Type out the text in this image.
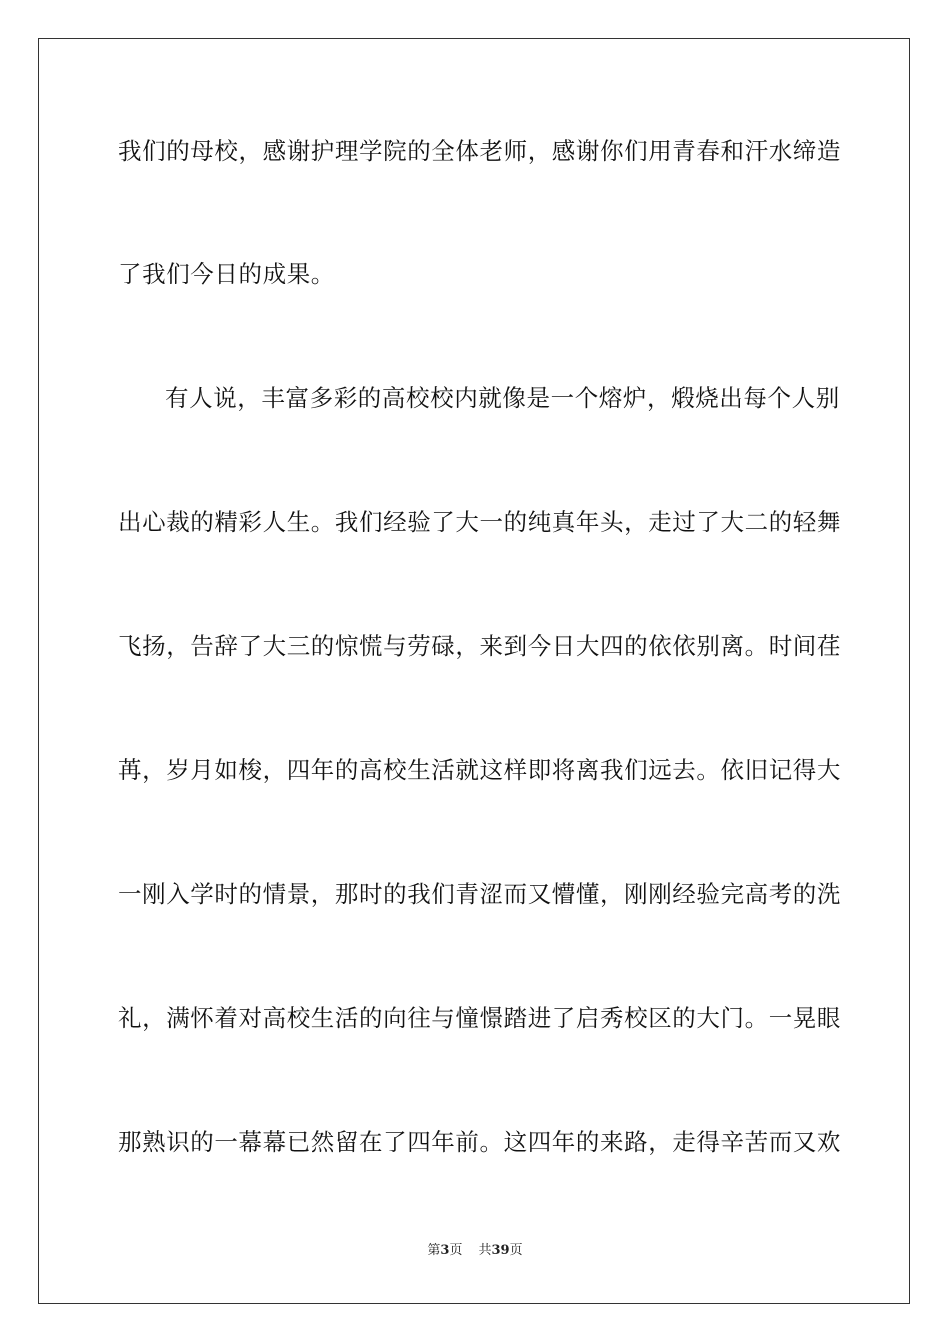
我们的母校，感谢护理学院的全体老师，感谢你们用青春和汗水缔造
了我们今日的成果。
有人说，丰富多彩的高校校内就像是一个熔炉，煅烧出每个人别
出心裁的精彩人生。我们经验了大一的纯真年头，走过了大二的轻舞
飞扬，告辞了大三的惊慌与劳碌，来到今日大四的依依别离。时间荏
苒，岁月如梭，四年的高校生活就这样即将离我们远去。依旧记得大
一刚入学时的情景，那时的我们青涩而又懵懂，刚刚经验完高考的洗
礼，满怀着对高校生活的向往与憧憬踏进了启秀校区的大门。一晃眼
那熟识的一幕幕已然留在了四年前。这四年的来路，走得辛苦而又欢
第3页 共39页
